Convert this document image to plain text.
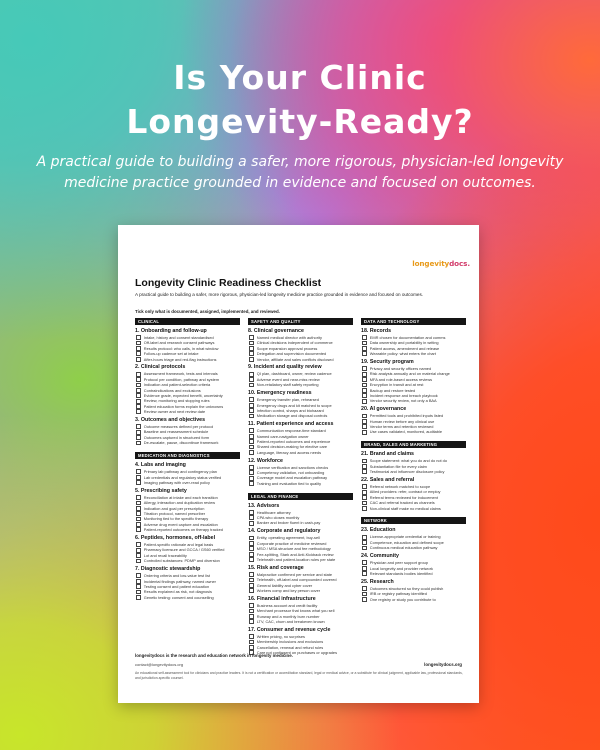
Is Your Clinic
Longevity-Ready?

A practical guide to building a safer, more rigorous, physician-led longevity medicine practice grounded in evidence and focused on outcomes.

longevitydocs.
Longevity Clinic Readiness Checklist

A practical guide to building a safer, more rigorous, physician-led longevity medicine practice grounded in evidence and focused on outcomes.

Tick only what is documented, assigned, implemented, and reviewed.

CLINICAL
1. Onboarding and follow-up
Intake, history and consent standardised
Off-label and research consent pathways
Results protocol: who calls, in what window
Follow-up cadence set at intake
After-hours triage and red-flag instructions
2. Clinical protocols
Assessment framework, tests and intervals
Protocol per condition, pathway and system
Indication and patient-selection criteria
Contraindications and exclusions
Evidence grade, expected benefit, uncertainty
Review, monitoring and stopping rules
Patient education forms explain the unknowns
Review owner and next review date
3. Outcomes and objectives
Outcome measures defined per protocol
Baseline and reassessment schedule
Outcomes captured in structured form
De-escalate, pause, discontinue framework
MEDICATION AND DIAGNOSTICS
4. Labs and imaging
Primary lab pathway and contingency plan
Lab credentials and regulatory status verified
Imaging pathway with over-read policy
5. Prescribing safety
Reconciliation at intake and each transition
Allergy, interaction and duplication review
Indication and goal per prescription
Titration protocol, named prescriber
Monitoring tied to the specific therapy
Adverse drug event capture and escalation
Patient-reported outcomes on therapy tracked
6. Peptides, hormones, off-label
Patient-specific rationale and legal basis
Pharmacy licensure and GCCA / GS60 verified
Lot and recall traceability
Controlled substances: PDMP and diversion
7. Diagnostic stewardship
Ordering criteria and low-value test list
Incidental findings pathway, named owner
Testing consent and patient education
Results explained as risk, not diagnosis
Genetic testing: consent and counselling
SAFETY AND QUALITY
8. Clinical governance
Named medical director with authority
Clinical decisions independent of commerce
Scope expansion approval process
Delegation and supervision documented
Vendor, affiliate and sales conflicts disclosed
9. Incident and quality review
QI plan, dashboard, owner, review cadence
Adverse event and near-miss review
Non-retaliatory staff safety reporting
10. Emergency readiness
Emergency transfer plan, rehearsed
Emergency drugs and kit matched to scope
Infection control, sharps and biohazard
Medication storage and disposal controls
11. Patient experience and access
Communication response-time standard
Named care-navigation owner
Patient-reported outcomes and experience
Shared decision-making for elective care
Language, literacy and access needs
12. Workforce
License verification and sanctions checks
Competency validation, not onboarding
Coverage model and escalation pathway
Training and evaluation tied to quality
LEGAL AND FINANCE
13. Advisors
Healthcare attorney
CPA who closes monthly
Banker and broker fluent in cash-pay
14. Corporate and regulatory
Entity, operating agreement, buy-sell
Corporate practice of medicine reviewed
MSO / MSA structure and fee methodology
Fee-splitting, Stark and Anti-Kickback review
Telehealth and patient-location rules per state
15. Risk and coverage
Malpractice confirmed per service and state
Telehealth, off-label and compounded covered
General liability and cyber cover
Workers comp and key person cover
16. Financial infrastructure
Business account and credit facility
Merchant processor that knows what you sell
Runway and a monthly burn number
LTV, CAC, churn and breakeven known
17. Consumer and revenue cycle
Written pricing, no surprises
Membership inclusions and exclusions
Cancellation, renewal and refund rules
Care not contingent on purchases or upgrades
DATA AND TECHNOLOGY
18. Records
EMR chosen for documentation and comms
Data ownership and portability in writing
Patient access, amendment and release
Wearable policy: what enters the chart
19. Security program
Privacy and security officers named
Risk analysis annually and on material change
MFA and role-based access reviews
Encryption in transit and at rest
Backup and restore tested
Incident response and breach playbook
Vendor security review, not only a BAA
20. AI governance
Permitted tools and prohibited inputs listed
Human review before any clinical use
Vendor terms and retention reviewed
Use cases validated, monitored, auditable
BRAND, SALES AND MARKETING
21. Brand and claims
Scope statement: what you do and do not do
Substantiation file for every claim
Testimonial and influencer disclosure policy
22. Sales and referral
Referral network matched to scope
Allied providers: refer, contract or employ
Referral terms reviewed for inducement
CAC and referral tracked as channels
Non-clinical staff make no medical claims
NETWORK
23. Education
License-appropriate credential or training
Competence, education and defined scope
Continuous medical education pathway
24. Community
Physician and peer support group
Local longevity and provider network
Relevant standards bodies identified
25. Research
Outcomes structured so they could publish
IRB or registry pathway identified
One registry or study you contribute to

longevitydocs is the research and education network in longevity medicine.

contact@longevitydocs.org	longevitydocs.org

An educational self-assessment tool for clinicians and practice leaders. It is not a certification or accreditation standard, legal or medical advice, or a substitute for clinical judgment, applicable law, professional standards, and jurisdiction-specific counsel.
